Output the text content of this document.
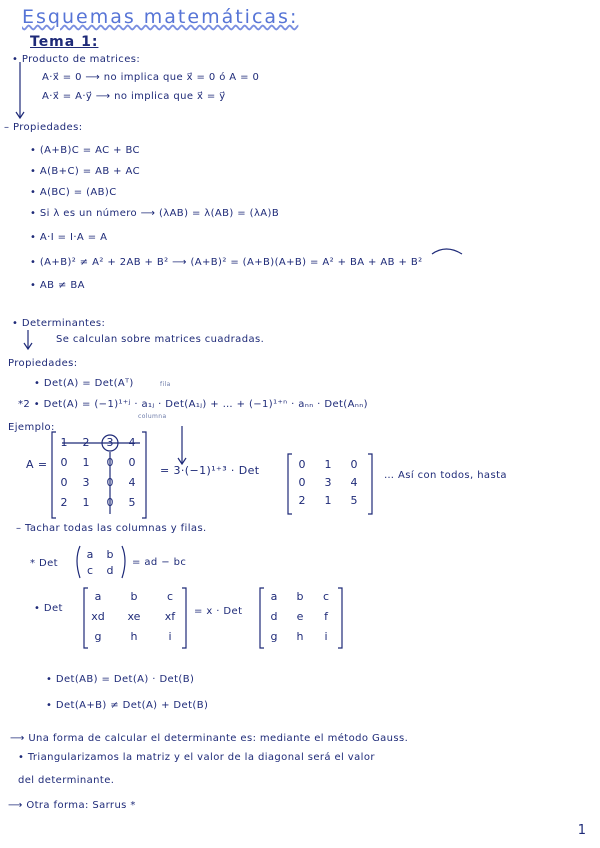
Esquemas matemáticas:
Tema 1:
• Producto de matrices:
A·x⃗ = 0 ⟶ no implica que x⃗ = 0 ó A = 0
A·x⃗ = A·y⃗ ⟶ no implica que x⃗ = y⃗
– Propiedades:
• (A+B)C = AC + BC
• A(B+C) = AB + AC
• A(BC) = (AB)C
• Si λ es un número ⟶ (λAB) = λ(AB) = (λA)B
• A·I = I·A = A
• (A+B)² ≠ A² + 2AB + B² ⟶ (A+B)² = (A+B)(A+B) = A² + BA + AB + B²
• AB ≠ BA
• Determinantes:
Se calculan sobre matrices cuadradas.
Propiedades:
• Det(A) = Det(Aᵀ)	fila
*2 • Det(A) = (−1)¹⁺ʲ · a₁ⱼ · Det(A₁ⱼ) + … + (−1)¹⁺ⁿ · aₙₙ · Det(Aₙₙ)
columna
Ejemplo:
A =
1	2	3	4
0	1	0	0
0	3	0	4
2	1	0	5
= 3·(−1)¹⁺³ · Det	0	1	0
0	3	4
2	1	5
… Así con todos, hasta
– Tachar todas las columnas y filas.
* Det
a	b
c	d
= ad − bc
• Det
a	b	c
xd	xe	xf
g	h	i
= x · Det
a	b	c
d	e	f
g	h	i
• Det(AB) = Det(A) · Det(B)
• Det(A+B) ≠ Det(A) + Det(B)
⟶ Una forma de calcular el determinante es: mediante el método Gauss.
• Triangularizamos la matriz y el valor de la diagonal será el valor
del determinante.
⟶ Otra forma: Sarrus *
1
